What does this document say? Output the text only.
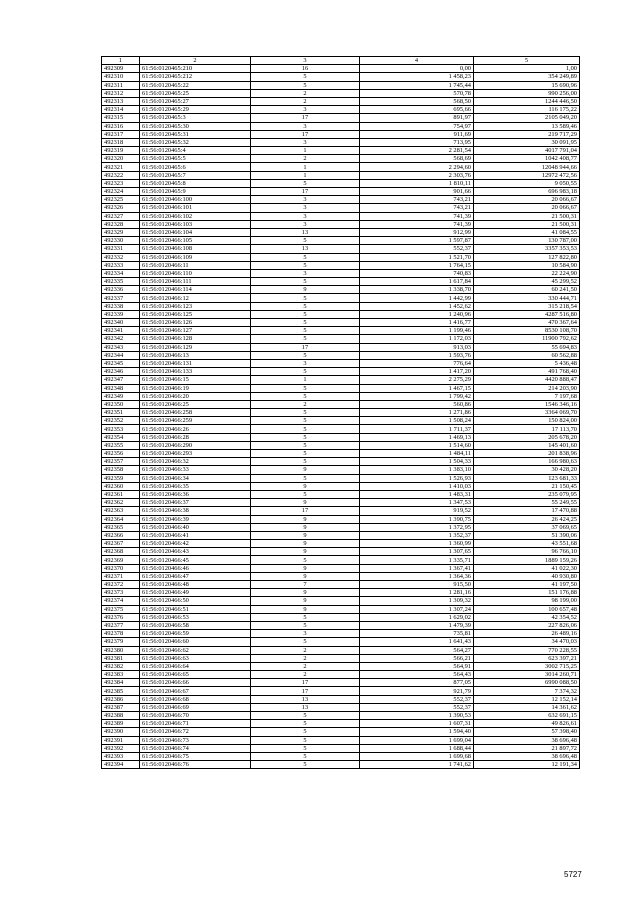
1	2	3	4	5
492309	61:56:0120465:210	16	0,00	1,00
492310	61:56:0120465:212	5	1 458,23	354 249,89
492311	61:56:0120465:22	5	1 745,44	15 690,96
492312	61:56:0120465:25	2	570,78	990 256,00
492313	61:56:0120465:27	2	568,50	1244 446,50
492314	61:56:0120465:29	3	695,66	116 175,22
492315	61:56:0120465:3	17	891,97	2105 049,20
492316	61:56:0120465:30	3	754,97	13 589,46
492317	61:56:0120465:31	17	911,69	219 717,29
492318	61:56:0120465:32	3	713,95	30 091,95
492319	61:56:0120465:4	1	2 281,54	4017 791,04
492320	61:56:0120465:5	2	568,69	1042 408,77
492321	61:56:0120465:6	1	2 294,60	12048 944,66
492322	61:56:0120465:7	1	2 303,76	12972 472,56
492323	61:56:0120465:8	5	1 810,11	9 050,55
492324	61:56:0120465:9	17	901,66	696 983,18
492325	61:56:0120466:100	3	743,21	20 066,67
492326	61:56:0120466:101	3	743,21	20 066,67
492327	61:56:0120466:102	3	741,39	21 500,31
492328	61:56:0120466:103	3	741,39	21 500,31
492329	61:56:0120466:104	13	912,99	41 084,55
492330	61:56:0120466:105	5	1 597,87	130 787,00
492331	61:56:0120466:108	13	552,37	3357 353,53
492332	61:56:0120466:109	5	1 521,70	127 822,80
492333	61:56:0120466:11	5	1 764,15	10 584,90
492334	61:56:0120466:110	3	740,83	22 224,90
492335	61:56:0120466:111	5	1 617,84	45 299,52
492336	61:56:0120466:114	9	1 338,70	60 241,50
492337	61:56:0120466:12	5	1 442,99	330 444,71
492338	61:56:0120466:123	5	1 452,62	315 218,54
492339	61:56:0120466:125	5	1 240,96	4287 516,80
492340	61:56:0120466:126	5	1 416,77	470 367,64
492341	61:56:0120466:127	5	1 199,46	8530 108,70
492342	61:56:0120466:128	5	1 172,03	11900 792,62
492343	61:56:0120466:129	17	913,03	55 694,83
492344	61:56:0120466:13	5	1 593,76	60 562,88
492345	61:56:0120466:131	3	776,64	5 436,48
492346	61:56:0120466:133	5	1 417,20	491 768,40
492347	61:56:0120466:15	1	2 275,29	4420 888,47
492348	61:56:0120466:19	5	1 467,15	214 203,90
492349	61:56:0120466:20	5	1 799,42	7 197,68
492350	61:56:0120466:25	2	560,86	1546 346,16
492351	61:56:0120466:258	5	1 271,86	3364 069,70
492352	61:56:0120466:259	5	1 508,24	150 824,00
492353	61:56:0120466:26	5	1 711,37	17 113,70
492354	61:56:0120466:28	5	1 469,13	205 678,20
492355	61:56:0120466:290	5	1 514,60	145 401,60
492356	61:56:0120466:293	5	1 484,11	201 838,96
492357	61:56:0120466:32	5	1 504,33	166 980,63
492358	61:56:0120466:33	9	1 383,10	30 428,20
492359	61:56:0120466:34	5	1 526,93	123 681,33
492360	61:56:0120466:35	9	1 410,03	21 150,45
492361	61:56:0120466:36	5	1 483,31	235 079,95
492362	61:56:0120466:37	9	1 347,53	55 249,55
492363	61:56:0120466:38	17	919,52	17 470,88
492364	61:56:0120466:39	9	1 390,75	26 424,25
492365	61:56:0120466:40	9	1 372,95	37 069,65
492366	61:56:0120466:41	9	1 352,37	51 390,06
492367	61:56:0120466:42	9	1 360,99	43 551,68
492368	61:56:0120466:43	9	1 307,65	96 766,10
492369	61:56:0120466:45	5	1 335,71	1889 159,26
492370	61:56:0120466:46	9	1 367,41	41 022,30
492371	61:56:0120466:47	9	1 364,36	40 930,80
492372	61:56:0120466:48	7	915,50	41 197,50
492373	61:56:0120466:49	9	1 281,16	151 176,88
492374	61:56:0120466:50	9	1 309,32	98 199,00
492375	61:56:0120466:51	9	1 307,24	100 657,48
492376	61:56:0120466:53	5	1 629,02	42 354,52
492377	61:56:0120466:58	5	1 479,39	227 826,06
492378	61:56:0120466:59	3	735,81	26 489,16
492379	61:56:0120466:60	5	1 641,43	34 470,03
492380	61:56:0120466:62	2	564,27	770 228,55
492381	61:56:0120466:63	2	566,21	623 397,21
492382	61:56:0120466:64	2	564,91	3002 715,25
492383	61:56:0120466:65	2	564,43	3014 260,71
492384	61:56:0120466:66	17	877,05	6990 088,50
492385	61:56:0120466:67	17	921,79	7 374,32
492386	61:56:0120466:68	13	552,37	12 152,14
492387	61:56:0120466:69	13	552,37	14 361,62
492388	61:56:0120466:70	5	1 390,53	632 691,15
492389	61:56:0120466:71	5	1 607,31	49 826,61
492390	61:56:0120466:72	5	1 594,40	57 398,40
492391	61:56:0120466:73	5	1 699,04	38 696,48
492392	61:56:0120466:74	5	1 688,44	21 897,72
492393	61:56:0120466:75	5	1 699,68	38 696,48
492394	61:56:0120466:76	5	1 741,62	12 191,34
5727
